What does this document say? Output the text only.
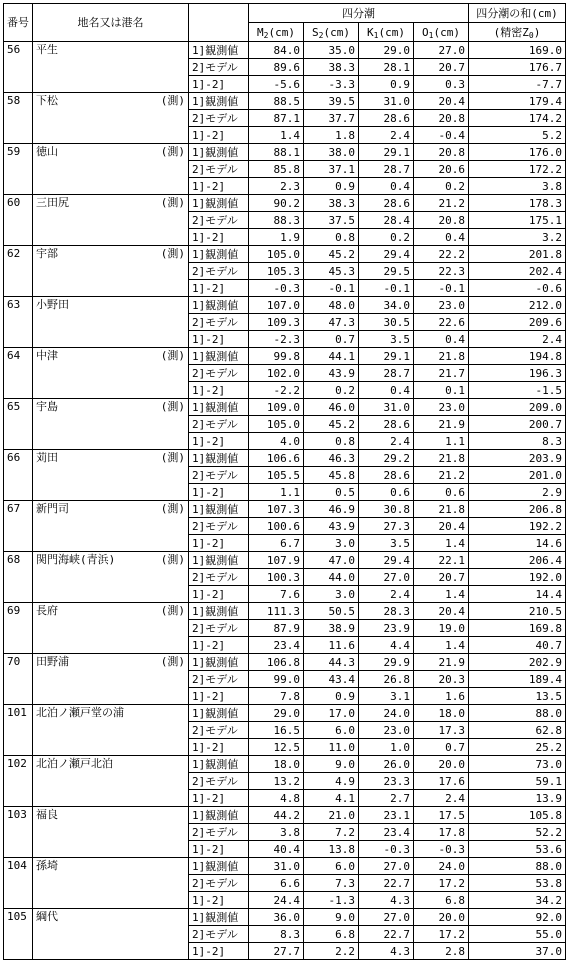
番号	地名又は港名			四分潮				四分潮の和(cm)
				$M_2(cm)$	$S_2(cm)$	$K_1(cm)$	$O_1(cm)$	(精密$Z_0$)
56	平生		1]観測値	84.0	35.0	29.0	27.0	169.0
			2]モデル	89.6	38.3	28.1	20.7	176.7
			1]-2]	-5.6	-3.3	0.9	0.3	-7.7
58	下松	(測)	1]観測値	88.5	39.5	31.0	20.4	179.4
			2]モデル	87.1	37.7	28.6	20.8	174.2
			1]-2]	1.4	1.8	2.4	-0.4	5.2
59	徳山	(測)	1]観測値	88.1	38.0	29.1	20.8	176.0
			2]モデル	85.8	37.1	28.7	20.6	172.2
			1]-2]	2.3	0.9	0.4	0.2	3.8
60	三田尻	(測)	1]観測値	90.2	38.3	28.6	21.2	178.3
			2]モデル	88.3	37.5	28.4	20.8	175.1
			1]-2]	1.9	0.8	0.2	0.4	3.2
62	宇部	(測)	1]観測値	105.0	45.2	29.4	22.2	201.8
			2]モデル	105.3	45.3	29.5	22.3	202.4
			1]-2]	-0.3	-0.1	-0.1	-0.1	-0.6
63	小野田		1]観測値	107.0	48.0	34.0	23.0	212.0
			2]モデル	109.3	47.3	30.5	22.6	209.6
			1]-2]	-2.3	0.7	3.5	0.4	2.4
64	中津	(測)	1]観測値	99.8	44.1	29.1	21.8	194.8
			2]モデル	102.0	43.9	28.7	21.7	196.3
			1]-2]	-2.2	0.2	0.4	0.1	-1.5
65	宇島	(測)	1]観測値	109.0	46.0	31.0	23.0	209.0
			2]モデル	105.0	45.2	28.6	21.9	200.7
			1]-2]	4.0	0.8	2.4	1.1	8.3
66	苅田	(測)	1]観測値	106.6	46.3	29.2	21.8	203.9
			2]モデル	105.5	45.8	28.6	21.2	201.0
			1]-2]	1.1	0.5	0.6	0.6	2.9
67	新門司	(測)	1]観測値	107.3	46.9	30.8	21.8	206.8
			2]モデル	100.6	43.9	27.3	20.4	192.2
			1]-2]	6.7	3.0	3.5	1.4	14.6
68	関門海峡(青浜)	(測)	1]観測値	107.9	47.0	29.4	22.1	206.4
			2]モデル	100.3	44.0	27.0	20.7	192.0
			1]-2]	7.6	3.0	2.4	1.4	14.4
69	長府	(測)	1]観測値	111.3	50.5	28.3	20.4	210.5
			2]モデル	87.9	38.9	23.9	19.0	169.8
			1]-2]	23.4	11.6	4.4	1.4	40.7
70	田野浦	(測)	1]観測値	106.8	44.3	29.9	21.9	202.9
			2]モデル	99.0	43.4	26.8	20.3	189.4
			1]-2]	7.8	0.9	3.1	1.6	13.5
101	北泊ノ瀬戸堂の浦		1]観測値	29.0	17.0	24.0	18.0	88.0
			2]モデル	16.5	6.0	23.0	17.3	62.8
			1]-2]	12.5	11.0	1.0	0.7	25.2
102	北泊ノ瀬戸北泊		1]観測値	18.0	9.0	26.0	20.0	73.0
			2]モデル	13.2	4.9	23.3	17.6	59.1
			1]-2]	4.8	4.1	2.7	2.4	13.9
103	福良		1]観測値	44.2	21.0	23.1	17.5	105.8
			2]モデル	3.8	7.2	23.4	17.8	52.2
			1]-2]	40.4	13.8	-0.3	-0.3	53.6
104	孫埼		1]観測値	31.0	6.0	27.0	24.0	88.0
			2]モデル	6.6	7.3	22.7	17.2	53.8
			1]-2]	24.4	-1.3	4.3	6.8	34.2
105	綱代		1]観測値	36.0	9.0	27.0	20.0	92.0
			2]モデル	8.3	6.8	22.7	17.2	55.0
			1]-2]	27.7	2.2	4.3	2.8	37.0
